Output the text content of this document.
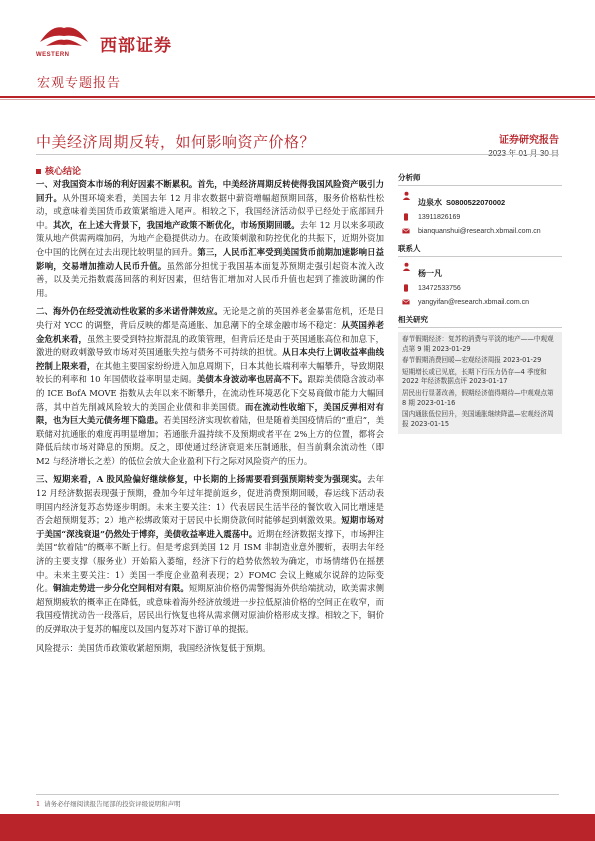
WESTERN 西部证券
宏观专题报告
中美经济周期反转，如何影响资产价格？	证券研究报告
核心结论

一、对我国资本市场的利好因素不断累积。首先，中美经济周期反转使得我国风险资产吸引力回升。从外围环境来看，美国去年 12 月非农数据中薪资增幅超预期回落，服务价格粘性松动，或意味着美国货币政策紧缩进入尾声。相较之下，我国经济活动似乎已经处于底部回升中。其次，在上述大背景下，我国地产政策不断优化，市场预期回暖。去年 12 月以来多项政策从地产供需两端加码，为地产企稳提供动力。在政策刺激和防控优化的共振下，近期外资加仓中国的比例在过去出现比较明显的回升。第三，人民币汇率受到美国货币前期加速影响日益影响，交易增加推动人民币升值。虽然部分担忧于我国基本面复苏预期走强引起资本流入改善，以及美元指数震荡回落的利好因素，但结售汇增加对人民币升值也起到了推波助澜的作用。

二、海外仍在经受流动性收紧的多米诺骨牌效应。无论是之前的英国养老金暴雷危机，还是日央行对 YCC 的调整，背后反映的都是高通胀、加息潮下的全球金融市场不稳定：从英国养老金危机来看，虽然主要受到特拉斯混乱的政策管理，但背后还是由于英国通胀高位和加息下，激进的财政刺激导致市场对英国通胀失控与债务不可持续的担忧。从日本央行上调收益率曲线控制上限来看，在其他主要国家纷纷进入加息周期下，日本其他长端利率大幅攀升，导致期限较长的利率和 10 年国债收益率明显走阔。美债本身波动率也居高不下。跟踪美债隐含波动率的 ICE BofA MOVE 指数从去年以来不断攀升，在流动性环境恶化下交易商做市能力大幅回落，其中首先削减风险较大的美国企业债和非美国债。而在流动性收缩下，美国反弹相对有限，也为巨大美元债务埋下隐患。若美国经济实现软着陆，但是随着美国疫情后的“重启”，美联储对抗通胀的难度再明显增加；若通胀升温持续不及预期或者平在 2%上方的位置，都将会降低后续市场对降息的预期。反之，即使通过经济衰退来压制通胀，但当前剩余流动性（即 M2 与经济增长之差）的低位会放大企业盈利下行之际对风险资产的压力。

三、短期来看，A 股风险偏好继续修复，中长期的上扬需要看到强预期转变为强现实。去年 12 月经济数据表现强于预期，叠加今年过年提前返乡，促进消费预期回暖，春运线下活动表明国内经济复苏态势逐步明朗。未来主要关注：1）代表居民生活半径的餐饮收入同比增速是否会超预期复苏；2）地产松绑政策对于居民中长期贷款何时能够起到刺激效果。短期市场对于美国“深浅衰退”仍然处于博弈，美债收益率进入震荡中。近期在经济数据支撑下，市场押注美国“软着陆”的概率不断上行。但是考虑到美国 12 月 ISM 非制造业意外腰斩，表明去年经济的主要支撑（服务业）开始陷入萎缩，经济下行的趋势依然较为确定，市场情绪仍在摇摆中。未来主要关注：1）美国一季度企业盈利表现；2）FOMC 会议上鲍威尔说辞的边际变化。铜油走势进一步分化空间相对有限。短期原油价格仍需警惕海外供给端扰动，欧美需求侧超预期疲软的概率正在降低，或意味着海外经济放缓进一步拉低原油价格的空间正在收窄，而我国疫情扰动告一段落后，居民出行恢复也将从需求侧对原油价格形成支撑。相较之下，铜价的反弹取决于复苏的幅度以及国内复苏对下游订单的提振。

风险提示：美国货币政策收紧超预期，我国经济恢复低于预期。

分析师
边泉水 S0800522070002
13911826169
bianquanshui@research.xbmail.com.cn
联系人
杨一凡
13472533756
yangyifan@research.xbmail.com.cn
相关研究
春节假期经济：复苏的消费与平淡的地产——中观观点第 9 期 2023-01-29
春节假期消费回暖—宏观经济周报 2023-01-29
短期增长或已见底，长期下行压力仍存—4 季度和 2022 年经济数据点评 2023-01-17
居民出行显著改善，假期经济值得期待—中观观点第 8 期 2023-01-16
国内通胀低位回升，美国通胀继续降温—宏观经济周报 2023-01-15
1 请务必仔细阅读报告尾部的投资评级说明和声明
